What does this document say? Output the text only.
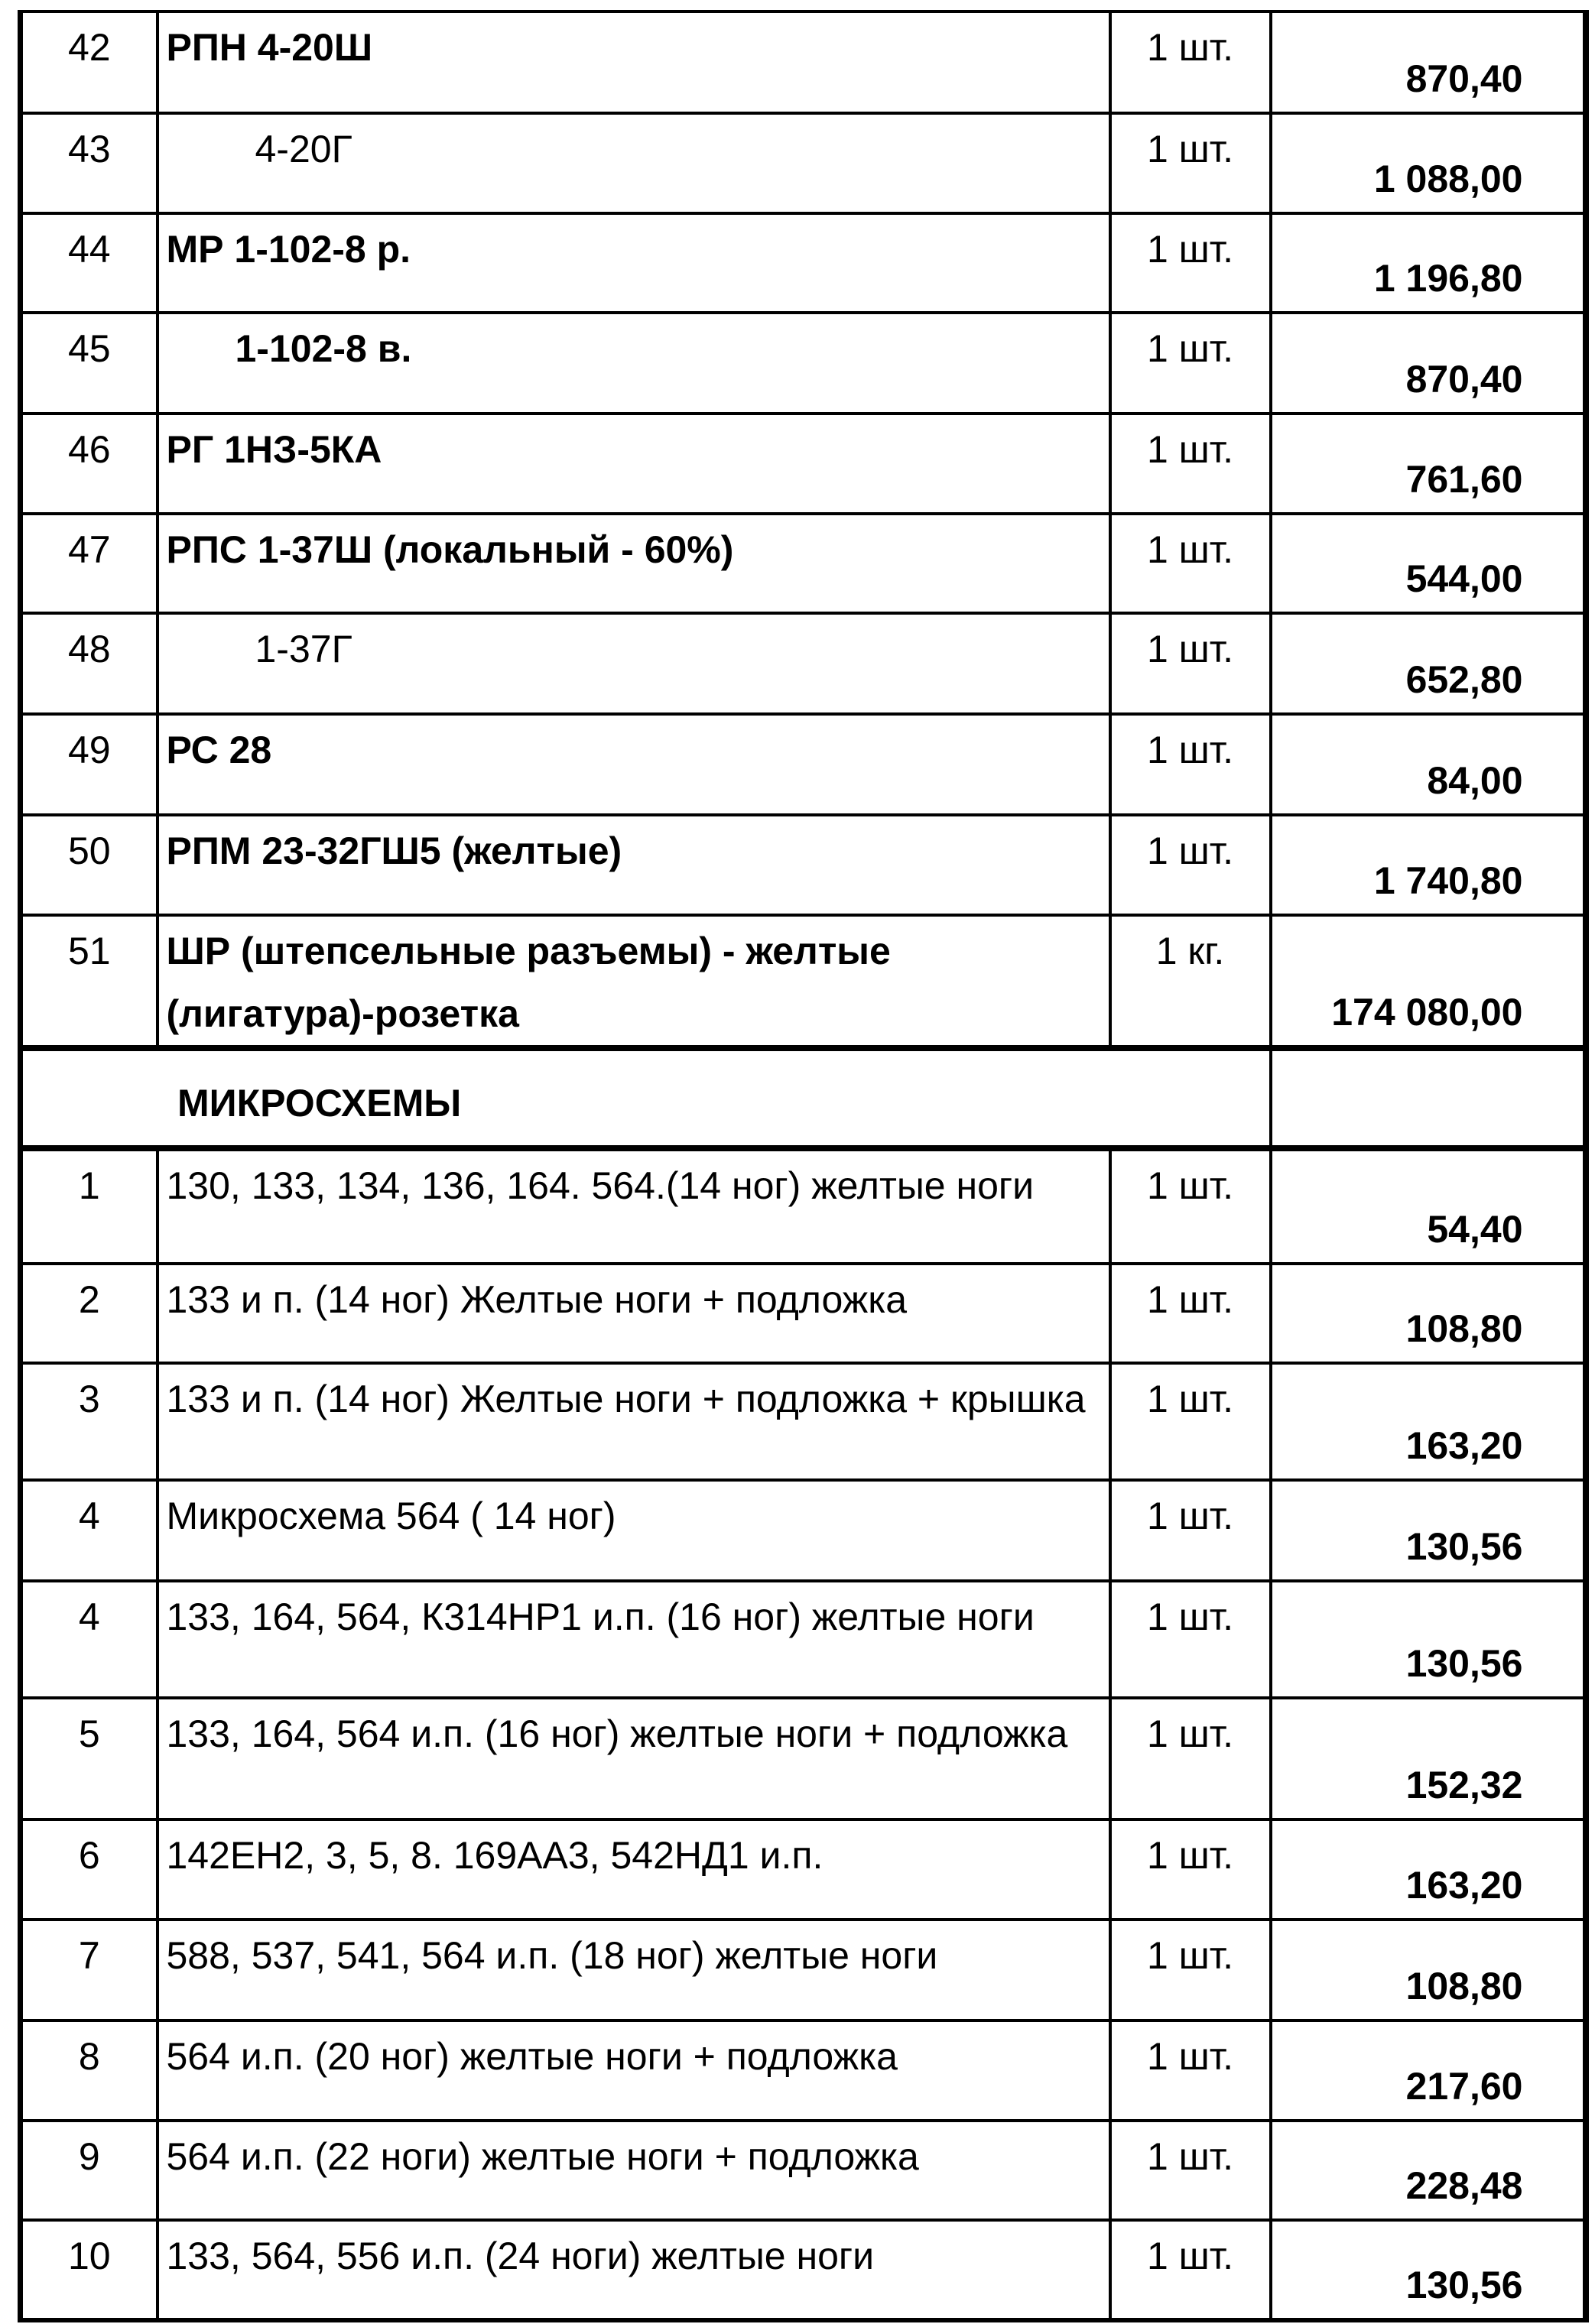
42	РПН 4-20Ш	1 шт.	870,40
43	4-20Г	1 шт.	1 088,00
44	МР 1-102-8 р.	1 шт.	1 196,80
45	1-102-8 в.	1 шт.	870,40
46	РГ 1НЗ-5КА	1 шт.	761,60
47	РПС 1-37Ш (локальный - 60%)	1 шт.	544,00
48	1-37Г	1 шт.	652,80
49	РС 28	1 шт.	84,00
50	РПМ 23-32ГШ5 (желтые)	1 шт.	1 740,80
51	ШР (штепсельные разъемы) - желтые (лигатура)-розетка	1 кг.	174 080,00
МИКРОСХЕМЫ			
1	130, 133, 134, 136, 164. 564.(14 ног) желтые ноги	1 шт.	54,40
2	133 и п. (14 ног) Желтые ноги + подложка	1 шт.	108,80
3	133 и п. (14 ног) Желтые ноги + подложка + крышка	1 шт.	163,20
4	Микросхема 564 ( 14 ног)	1 шт.	130,56
4	133, 164, 564, К314НР1 и.п. (16 ног) желтые ноги	1 шт.	130,56
5	133, 164, 564 и.п. (16 ног) желтые ноги + подложка	1 шт.	152,32
6	142ЕН2, 3, 5, 8. 169АА3, 542НД1 и.п.	1 шт.	163,20
7	588, 537, 541, 564 и.п. (18 ног) желтые ноги	1 шт.	108,80
8	564 и.п. (20 ног) желтые ноги + подложка	1 шт.	217,60
9	564 и.п. (22 ноги) желтые ноги + подложка	1 шт.	228,48
10	133, 564, 556 и.п. (24 ноги) желтые ноги	1 шт.	130,56
